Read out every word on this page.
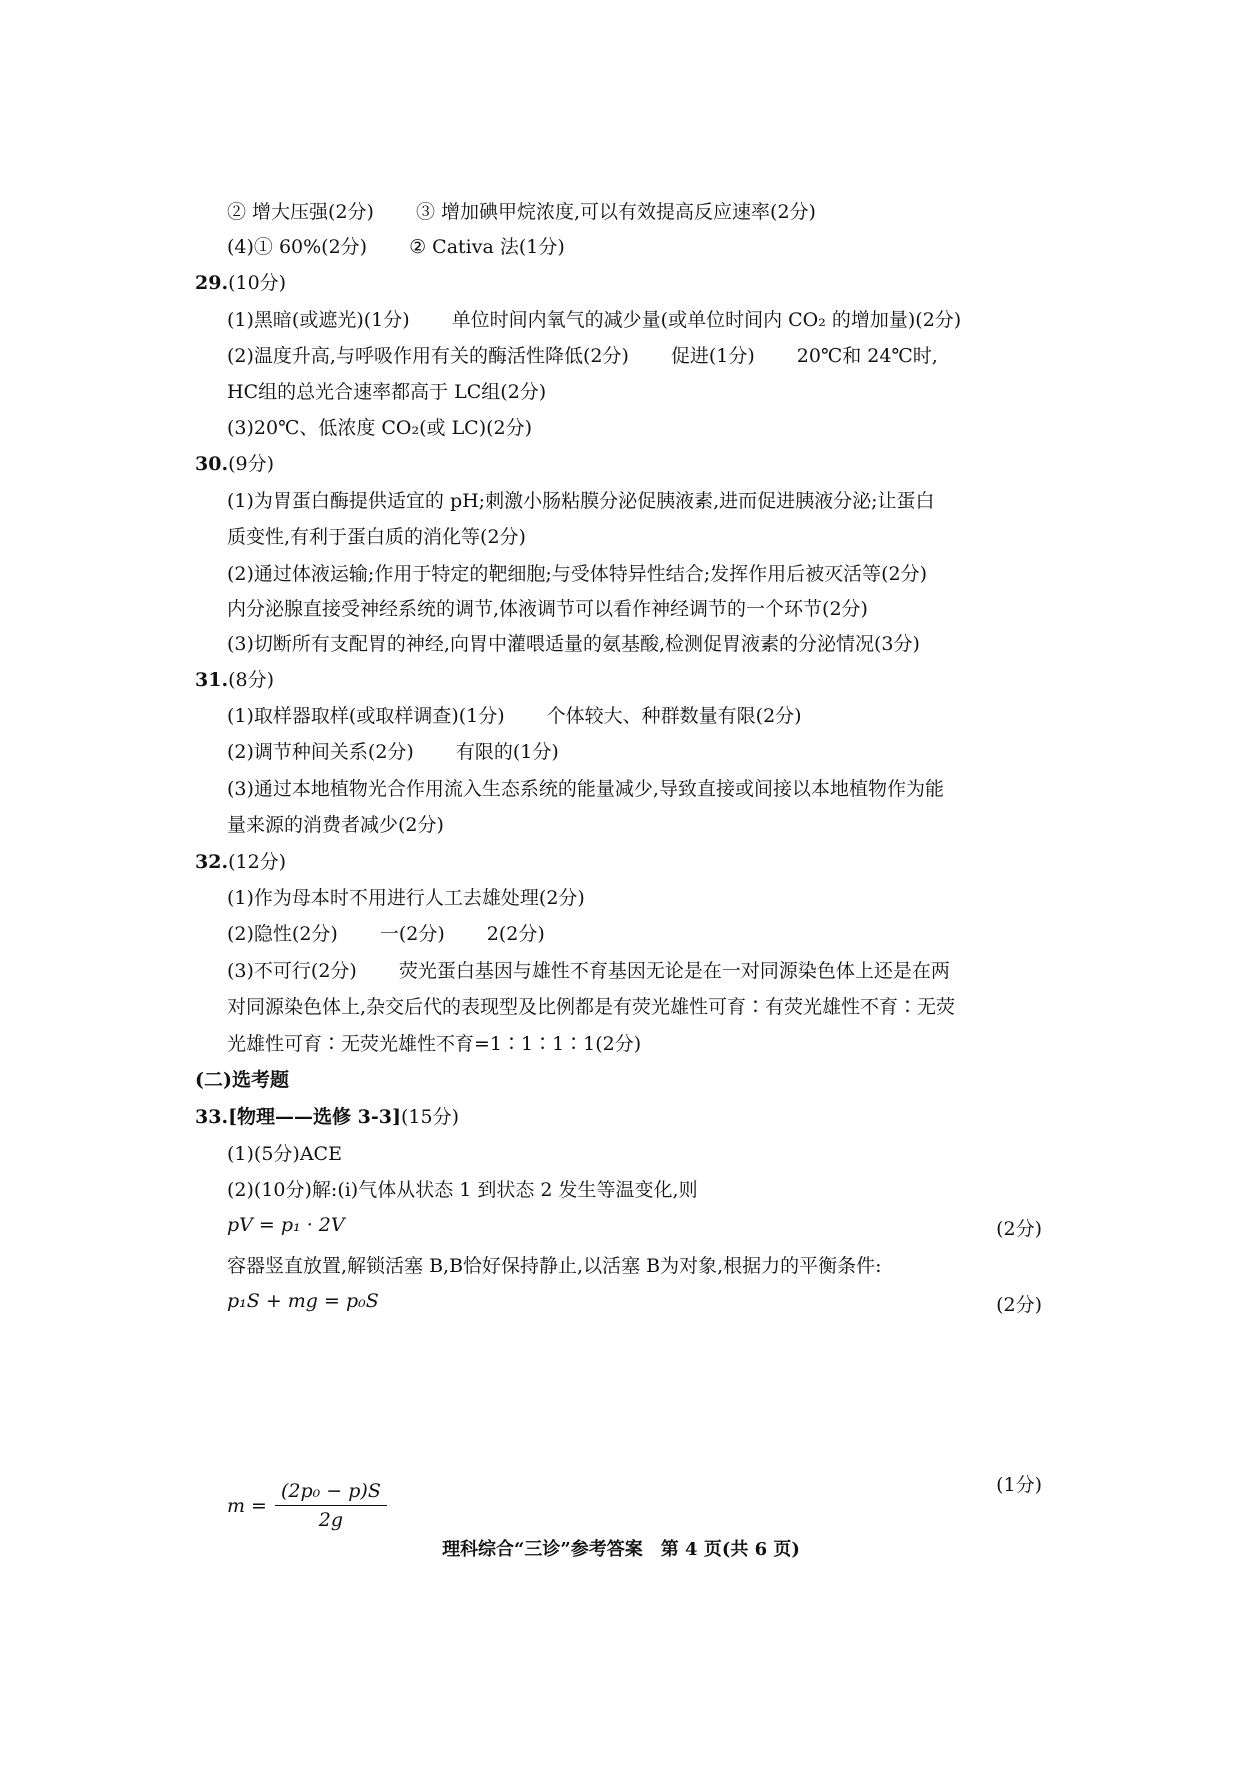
② 增大压强(2分) ③ 增加碘甲烷浓度,可以有效提高反应速率(2分)
(4)① 60%(2分) ② Cativa 法(1分)
29.(10分)
(1)黑暗(或遮光)(1分) 单位时间内氧气的减少量(或单位时间内 CO₂ 的增加量)(2分)
(2)温度升高,与呼吸作用有关的酶活性降低(2分) 促进(1分) 20℃和 24℃时,
HC组的总光合速率都高于 LC组(2分)
(3)20℃、低浓度 CO₂(或 LC)(2分)
30.(9分)
(1)为胃蛋白酶提供适宜的 pH;刺激小肠粘膜分泌促胰液素,进而促进胰液分泌;让蛋白
质变性,有利于蛋白质的消化等(2分)
(2)通过体液运输;作用于特定的靶细胞;与受体特异性结合;发挥作用后被灭活等(2分)
内分泌腺直接受神经系统的调节,体液调节可以看作神经调节的一个环节(2分)
(3)切断所有支配胃的神经,向胃中灌喂适量的氨基酸,检测促胃液素的分泌情况(3分)
31.(8分)
(1)取样器取样(或取样调查)(1分) 个体较大、种群数量有限(2分)
(2)调节种间关系(2分) 有限的(1分)
(3)通过本地植物光合作用流入生态系统的能量减少,导致直接或间接以本地植物作为能
量来源的消费者减少(2分)
32.(12分)
(1)作为母本时不用进行人工去雄处理(2分)
(2)隐性(2分) 一(2分) 2(2分)
(3)不可行(2分) 荧光蛋白基因与雄性不育基因无论是在一对同源染色体上还是在两
对同源染色体上,杂交后代的表现型及比例都是有荧光雄性可育∶有荧光雄性不育∶无荧
光雄性可育∶无荧光雄性不育=1∶1∶1∶1(2分)
(二)选考题
33.[物理——选修 3-3](15分)
(1)(5分)ACE
(2)(10分)解:(i)气体从状态 1 到状态 2 发生等温变化,则
pV = p₁ · 2V	(2分)
容器竖直放置,解锁活塞 B,B恰好保持静止,以活塞 B为对象,根据力的平衡条件:
p₁S + mg = p₀S	(2分)
$m = \frac{\text{(2p₀ − p)S}}{2g}$	(1分)
理科综合“三诊”参考答案　第 4 页(共 6 页)
